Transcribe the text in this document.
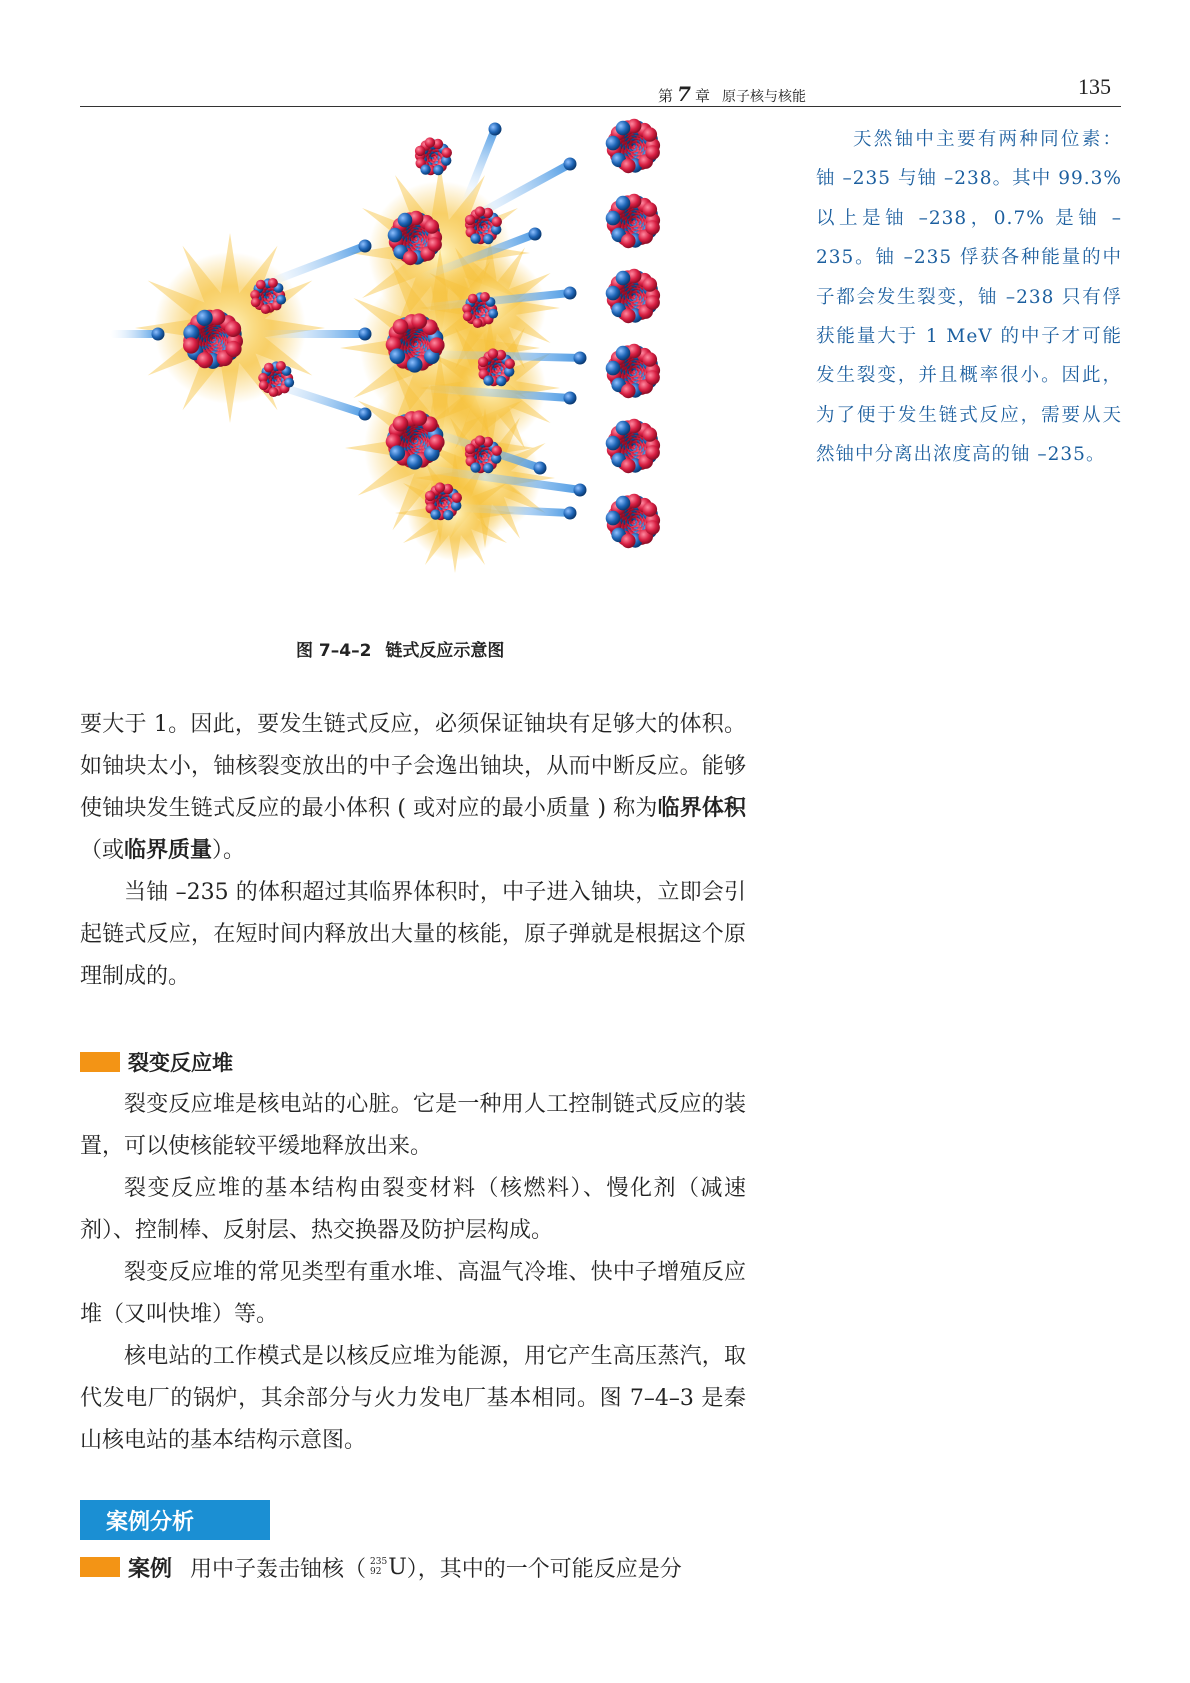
第 7 章 原子核与核能	135
图 7–4–2 链式反应示意图

天然铀中主要有两种同位素：铀 –235 与铀 –238。其中 99.3% 以上是铀 –238，0.7% 是铀 –235。铀 –235 俘获各种能量的中子都会发生裂变，铀 –238 只有俘获能量大于 1 MeV 的中子才可能发生裂变，并且概率很小。因此，为了便于发生链式反应，需要从天然铀中分离出浓度高的铀 –235。

要大于 1。因此，要发生链式反应，必须保证铀块有足够大的体积。如铀块太小，铀核裂变放出的中子会逸出铀块，从而中断反应。能够使铀块发生链式反应的最小体积 ( 或对应的最小质量 ) 称为临界体积（或临界质量）。

当铀 –235 的体积超过其临界体积时，中子进入铀块，立即会引起链式反应，在短时间内释放出大量的核能，原子弹就是根据这个原理制成的。

裂变反应堆

裂变反应堆是核电站的心脏。它是一种用人工控制链式反应的装置，可以使核能较平缓地释放出来。

裂变反应堆的基本结构由裂变材料（核燃料）、慢化剂（减速剂）、控制棒、反射层、热交换器及防护层构成。

裂变反应堆的常见类型有重水堆、高温气冷堆、快中子增殖反应堆（又叫快堆）等。

核电站的工作模式是以核反应堆为能源，用它产生高压蒸汽，取代发电厂的锅炉，其余部分与火力发电厂基本相同。图 7–4–3 是秦山核电站的基本结构示意图。

案例分析
案例 用中子轰击铀核（ 235
92 U ），其中的一个可能反应是分
